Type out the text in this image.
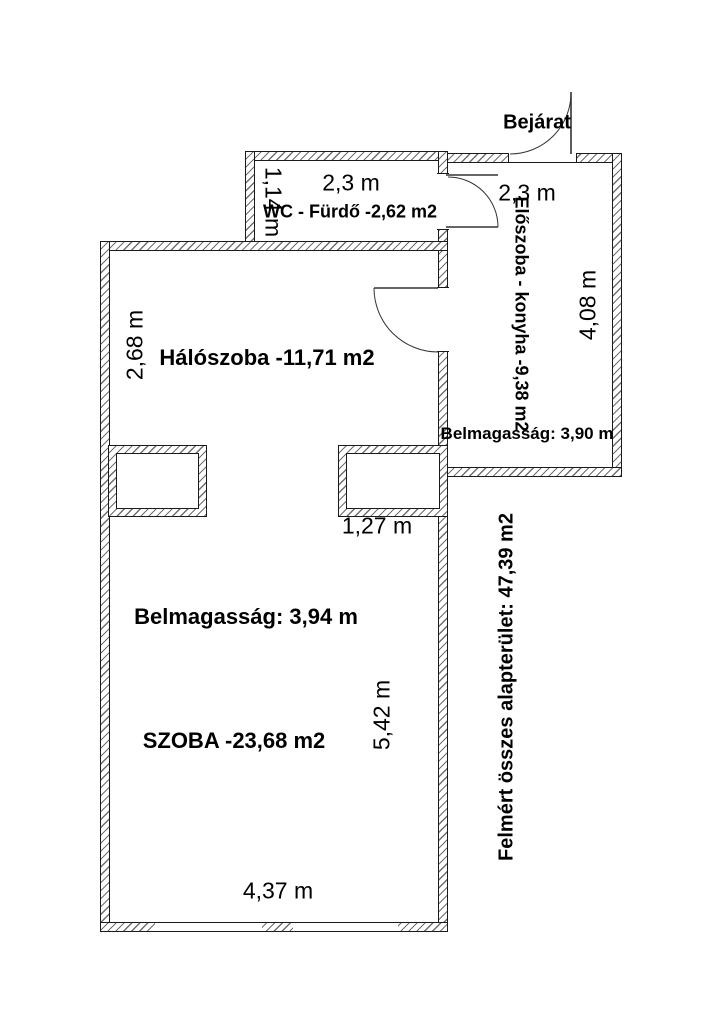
Bejárat
2,3 m
1,14 m
WC - Fürdő -2,62 m2
2,3 m
Előszoba - konyha -9,38 m2 4,08 m
Belmagasság: 3,90 m
2,68 m Hálószoba -11,71 m2
1,27 m
Belmagasság: 3,94 m
5,42 m
SZOBA -23,68 m2
4,37 m
Felmért összes alapterület: 47,39 m2
